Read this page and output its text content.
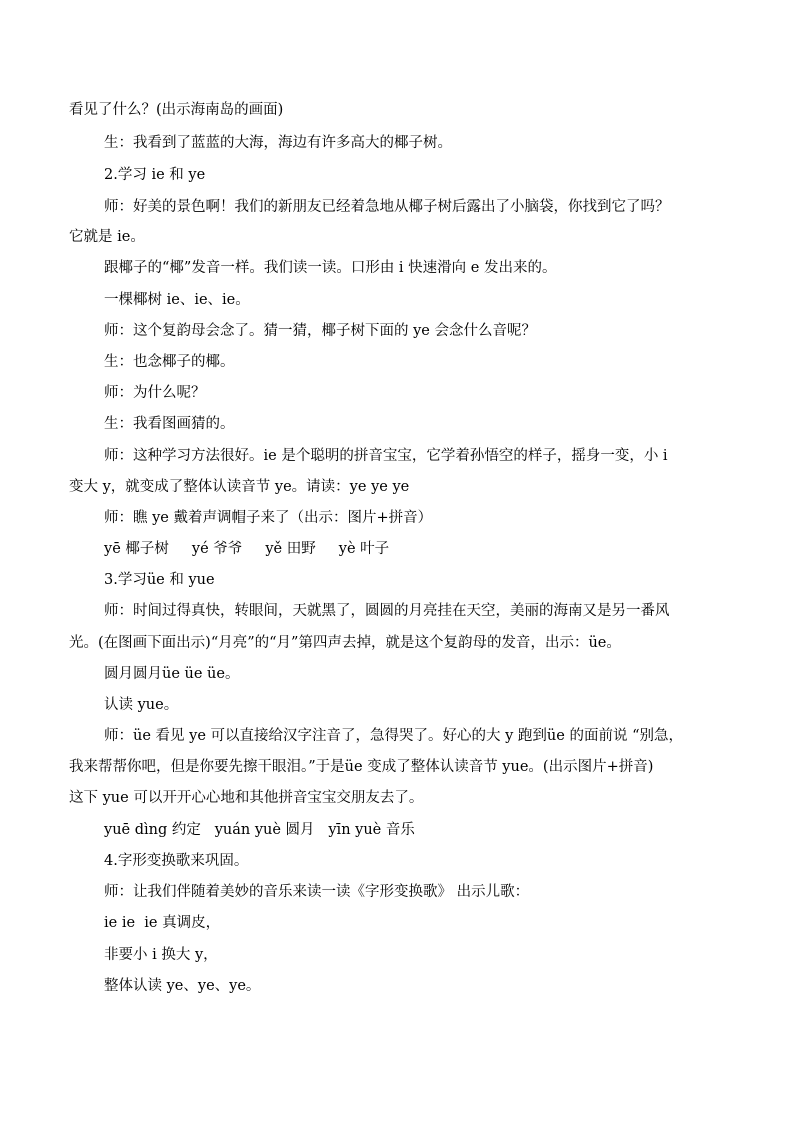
看见了什么？(出示海南岛的画面)
生：我看到了蓝蓝的大海，海边有许多高大的椰子树。
2.学习 ie 和 ye
师：好美的景色啊！我们的新朋友已经着急地从椰子树后露出了小脑袋，你找到它了吗？
它就是 ie。
跟椰子的“椰”发音一样。我们读一读。口形由 i 快速滑向 e 发出来的。
一棵椰树 ie、ie、ie。
师：这个复韵母会念了。猜一猜，椰子树下面的 ye 会念什么音呢？
生：也念椰子的椰。
师：为什么呢？
生：我看图画猜的。
师：这种学习方法很好。ie 是个聪明的拼音宝宝，它学着孙悟空的样子，摇身一变，小 i
变大 y，就变成了整体认读音节 ye。请读：ye ye ye
师：瞧 ye 戴着声调帽子来了（出示：图片+拼音）
yē 椰子树     yé 爷爷     yě 田野     yè 叶子
3.学习üe 和 yue
师：时间过得真快，转眼间，天就黑了，圆圆的月亮挂在天空，美丽的海南又是另一番风
光。(在图画下面出示)“月亮”的“月”第四声去掉，就是这个复韵母的发音，出示：üe。
圆月圆月üe üe üe。
认读 yue。
师：üe 看见 ye 可以直接给汉字注音了，急得哭了。好心的大 y 跑到üe 的面前说 “别急，
我来帮帮你吧，但是你要先擦干眼泪。”于是üe 变成了整体认读音节 yue。(出示图片+拼音)
这下 yue 可以开开心心地和其他拼音宝宝交朋友去了。
yuē dìng 约定   yuán yuè 圆月   yīn yuè 音乐
4.字形变换歌来巩固。
师：让我们伴随着美妙的音乐来读一读《字形变换歌》 出示儿歌：
ie ie  ie 真调皮，
非要小 i 换大 y，
整体认读 ye、ye、ye。
